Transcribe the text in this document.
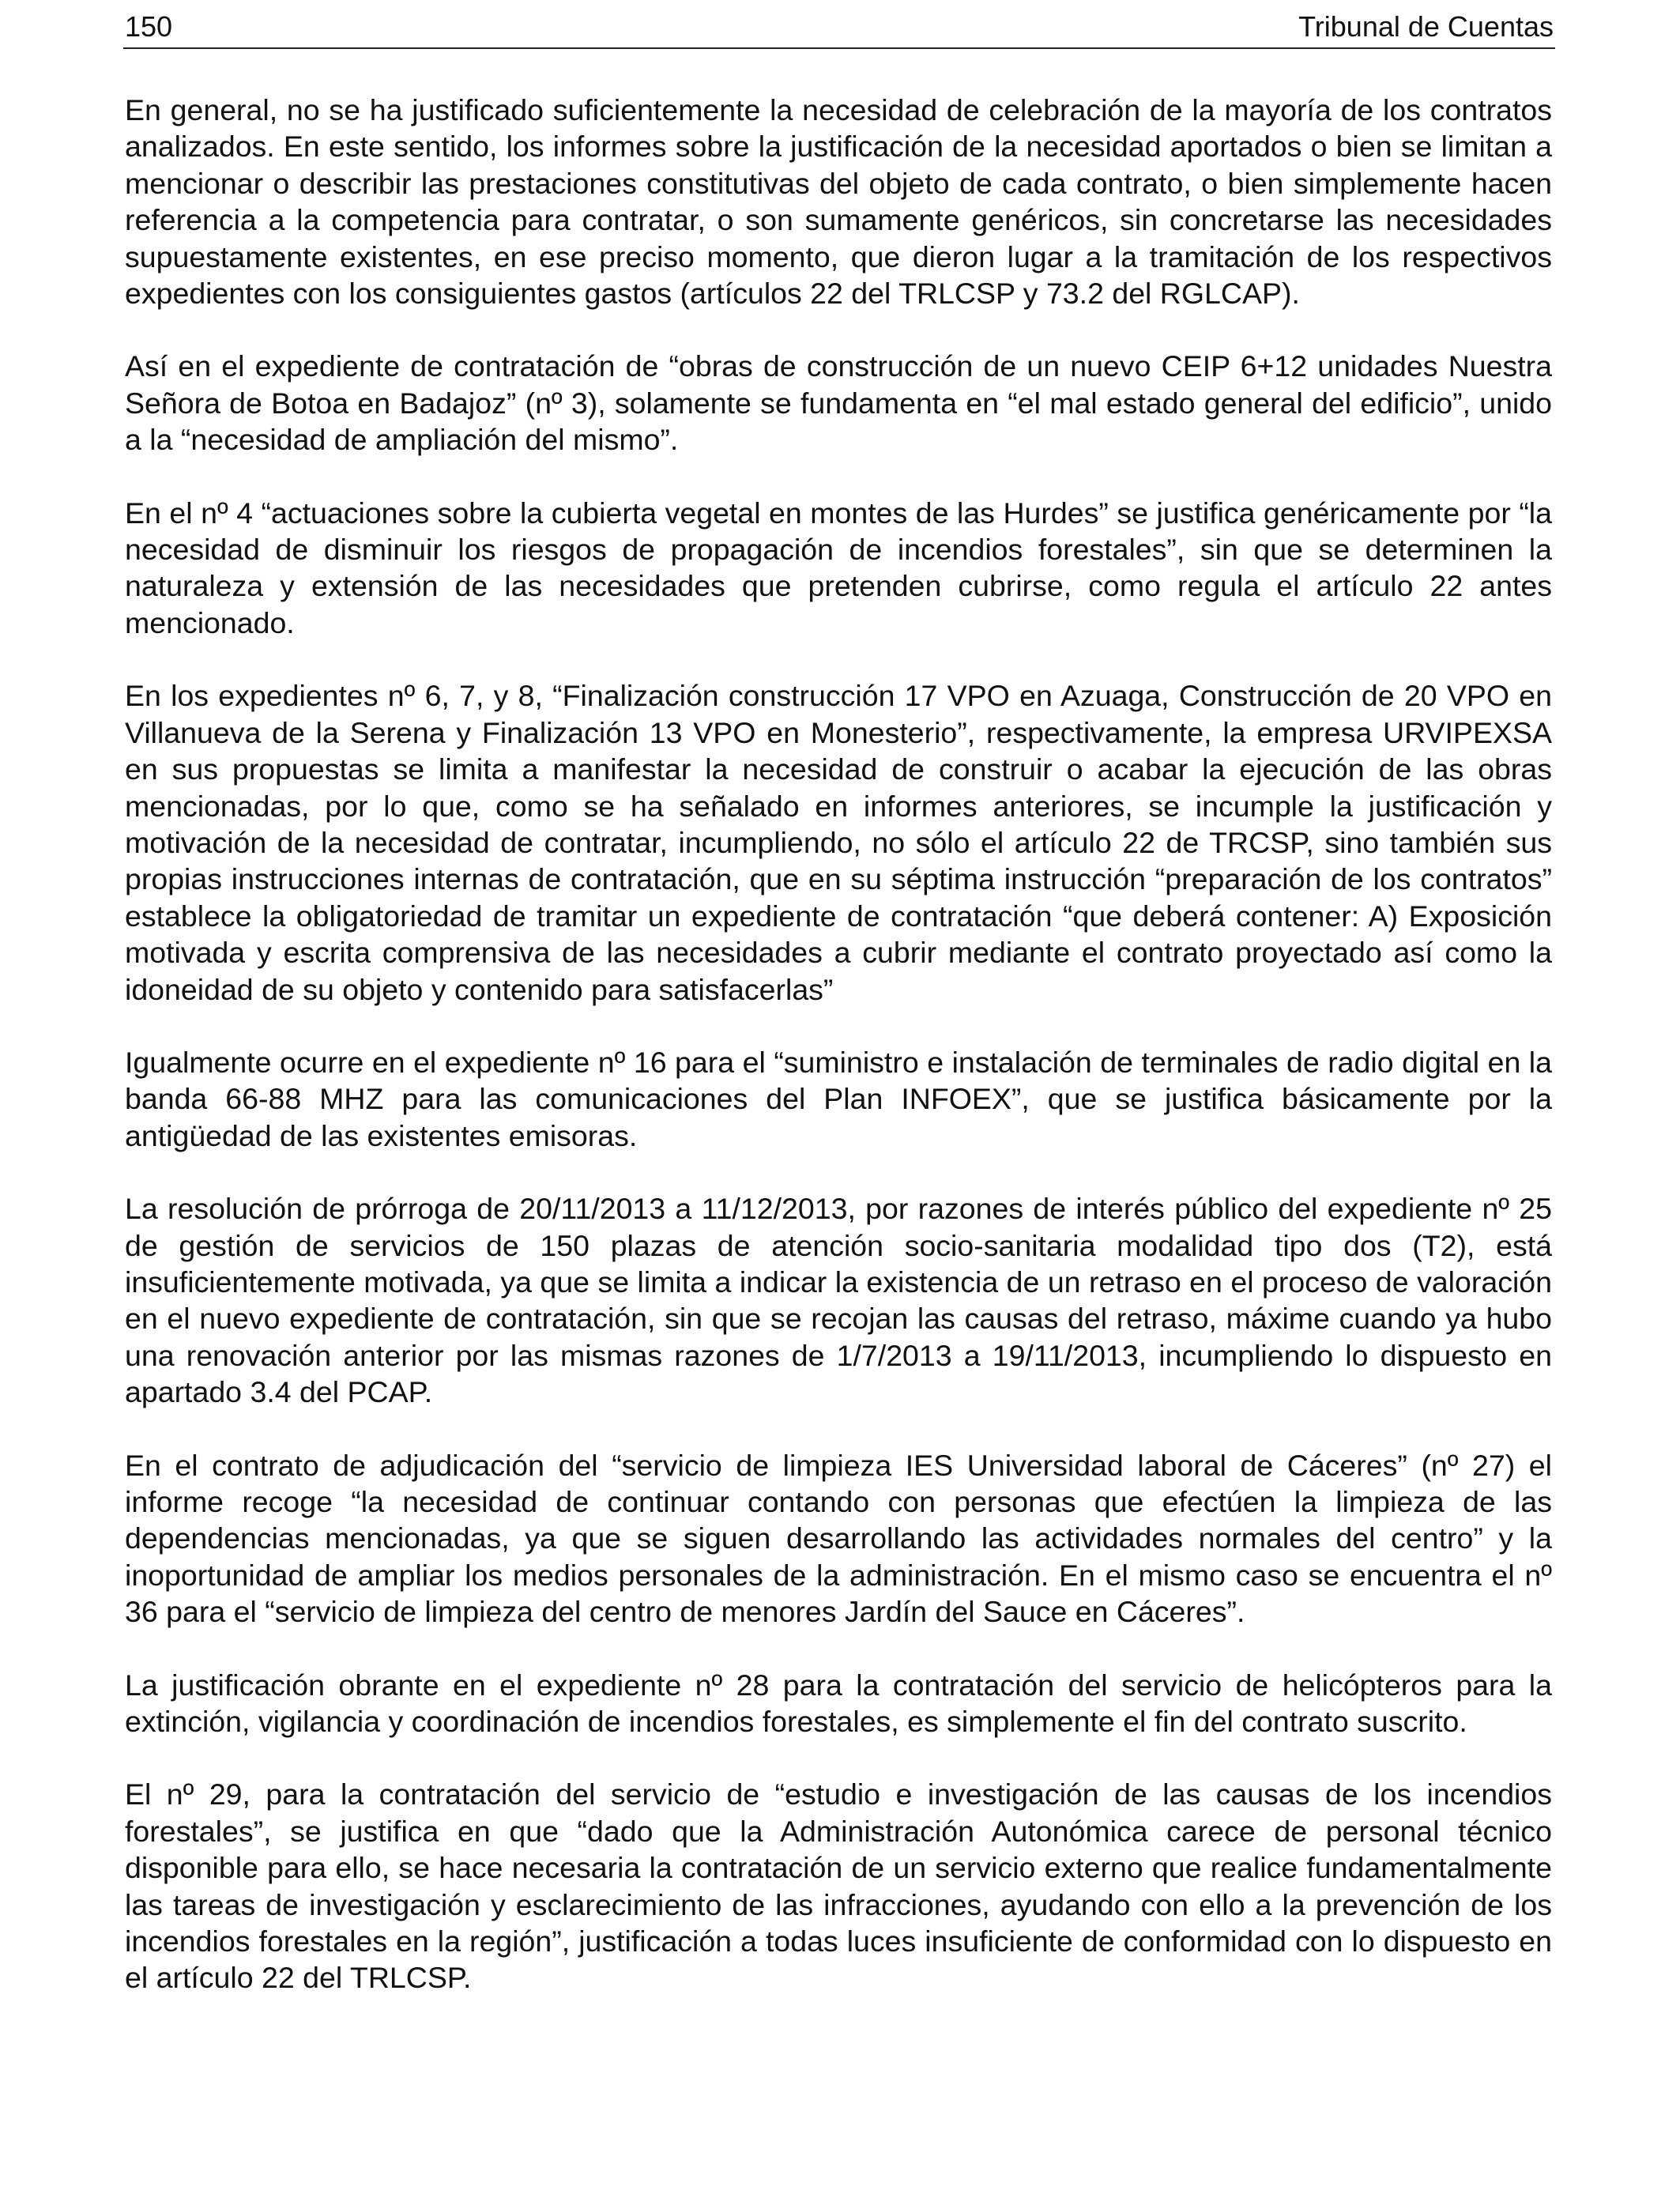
150	Tribunal de Cuentas

En general, no se ha justificado suficientemente la necesidad de celebración de la mayoría de los contratos analizados. En este sentido, los informes sobre la justificación de la necesidad aportados o bien se limitan a mencionar o describir las prestaciones constitutivas del objeto de cada contrato, o bien simplemente hacen referencia a la competencia para contratar, o son sumamente genéricos, sin concretarse las necesidades supuestamente existentes, en ese preciso momento, que dieron lugar a la tramitación de los respectivos expedientes con los consiguientes gastos (artículos 22 del TRLCSP y 73.2 del RGLCAP).

Así en el expediente de contratación de “obras de construcción de un nuevo CEIP 6+12 unidades Nuestra Señora de Botoa en Badajoz” (nº 3), solamente se fundamenta en “el mal estado general del edificio”, unido a la “necesidad de ampliación del mismo”.

En el nº 4 “actuaciones sobre la cubierta vegetal en montes de las Hurdes” se justifica genéricamente por “la necesidad de disminuir los riesgos de propagación de incendios forestales”, sin que se determinen la naturaleza y extensión de las necesidades que pretenden cubrirse, como regula el artículo 22 antes mencionado.

En los expedientes nº 6, 7, y 8, “Finalización construcción 17 VPO en Azuaga, Construcción de 20 VPO en Villanueva de la Serena y Finalización 13 VPO en Monesterio”, respectivamente, la empresa URVIPEXSA en sus propuestas se limita a manifestar la necesidad de construir o acabar la ejecución de las obras mencionadas, por lo que, como se ha señalado en informes anteriores, se incumple la justificación y motivación de la necesidad de contratar, incumpliendo, no sólo el artículo 22 de TRCSP, sino también sus propias instrucciones internas de contratación, que en su séptima instrucción “preparación de los contratos” establece la obligatoriedad de tramitar un expediente de contratación “que deberá contener: A) Exposición motivada y escrita comprensiva de las necesidades a cubrir mediante el contrato proyectado así como la idoneidad de su objeto y contenido para satisfacerlas”

Igualmente ocurre en el expediente nº 16 para el “suministro e instalación de terminales de radio digital en la banda 66-88 MHZ para las comunicaciones del Plan INFOEX”, que se justifica básicamente por la antigüedad de las existentes emisoras.

La resolución de prórroga de 20/11/2013 a 11/12/2013, por razones de interés público del expediente nº 25 de gestión de servicios de 150 plazas de atención socio-sanitaria modalidad tipo dos (T2), está insuficientemente motivada, ya que se limita a indicar la existencia de un retraso en el proceso de valoración en el nuevo expediente de contratación, sin que se recojan las causas del retraso, máxime cuando ya hubo una renovación anterior por las mismas razones de 1/7/2013 a 19/11/2013, incumpliendo lo dispuesto en apartado 3.4 del PCAP.

En el contrato de adjudicación del “servicio de limpieza IES Universidad laboral de Cáceres” (nº 27) el informe recoge “la necesidad de continuar contando con personas que efectúen la limpieza de las dependencias mencionadas, ya que se siguen desarrollando las actividades normales del centro” y la inoportunidad de ampliar los medios personales de la administración. En el mismo caso se encuentra el nº 36 para el “servicio de limpieza del centro de menores Jardín del Sauce en Cáceres”.

La justificación obrante en el expediente nº 28 para la contratación del servicio de helicópteros para la extinción, vigilancia y coordinación de incendios forestales, es simplemente el fin del contrato suscrito.

El nº 29, para la contratación del servicio de “estudio e investigación de las causas de los incendios forestales”, se justifica en que “dado que la Administración Autonómica carece de personal técnico disponible para ello, se hace necesaria la contratación de un servicio externo que realice fundamentalmente las tareas de investigación y esclarecimiento de las infracciones, ayudando con ello a la prevención de los incendios forestales en la región”, justificación a todas luces insuficiente de conformidad con lo dispuesto en el artículo 22 del TRLCSP.
